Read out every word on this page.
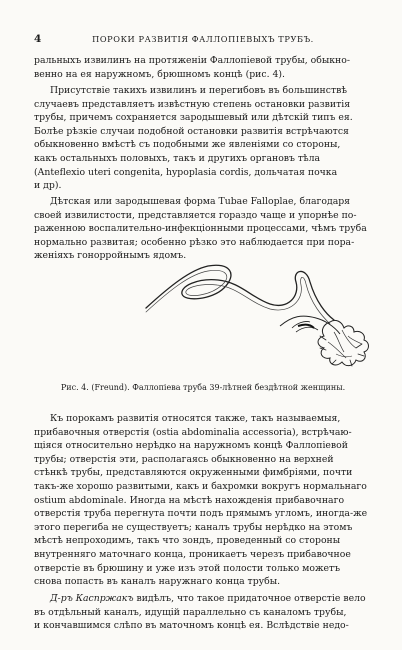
4	ПОРОКИ РАЗВИТІЯ ФАЛЛОПІЕВЫХЪ ТРУБЪ.

ральныхъ извилинъ на протяженіи Фаллопіевой трубы, обыкно-

венно на ея наружномъ, брюшномъ концѣ (рис. 4).

Присутствіе такихъ извилинъ и перегибовъ въ большинствѣ

случаевъ представляетъ извѣстную степень остановки развитія

трубы, причемъ сохраняется зародышевый или дѣтскій типъ ея.

Болѣе рѣзкіе случаи подобной остановки развитія встрѣчаются

обыкновенно вмѣстѣ съ подобными же явленіями со стороны,

какъ остальныхъ половыхъ, такъ и другихъ органовъ тѣла

(Anteflexio uteri congenita, hypoplasia cordis, дольчатая почка

и др).

Дѣтская или зародышевая форма Tubae Falloplae, благодаря

своей извилистости, представляется гораздо чаще и упорнѣе по-

раженною воспалительно-инфекціонными процессами, чѣмъ труба

нормально развитая; особенно рѣзко это наблюдается при пора-

женіяхъ гонорройнымъ ядомъ.

Рис. 4. (Freund). Фаллопіева труба 39-лѣтней бездѣтной женщины.

Къ порокамъ развитія относятся также, такъ называемыя,

прибавочныя отверстія (ostia abdominalia accessoria), встрѣчаю-

щіяся относительно нерѣдко на наружномъ концѣ Фаллопіевой

трубы; отверстія эти, располагаясь обыкновенно на верхней

стѣнкѣ трубы, представляются окруженными фимбріями, почти

такъ-же хорошо развитыми, какъ и бахромки вокругъ нормальнаго

ostium abdominale. Иногда на мѣстѣ нахожденія прибавочнаго

отверстія труба перегнута почти подъ прямымъ угломъ, иногда-же

этого перегиба не существуетъ; каналъ трубы нерѣдко на этомъ

мѣстѣ непроходимъ, такъ что зондъ, проведенный со стороны

внутренняго маточнаго конца, проникаетъ черезъ прибавочное

отверстіе въ брюшину и уже изъ этой полости только можетъ

снова попасть въ каналъ наружнаго конца трубы.

Д-ръ Каспржакъ видѣлъ, что такое придаточное отверстіе вело

въ отдѣльный каналъ, идущій параллельно съ каналомъ трубы,

и кончавшимся слѣпо въ маточномъ концѣ ея. Вслѣдствіе недо-
